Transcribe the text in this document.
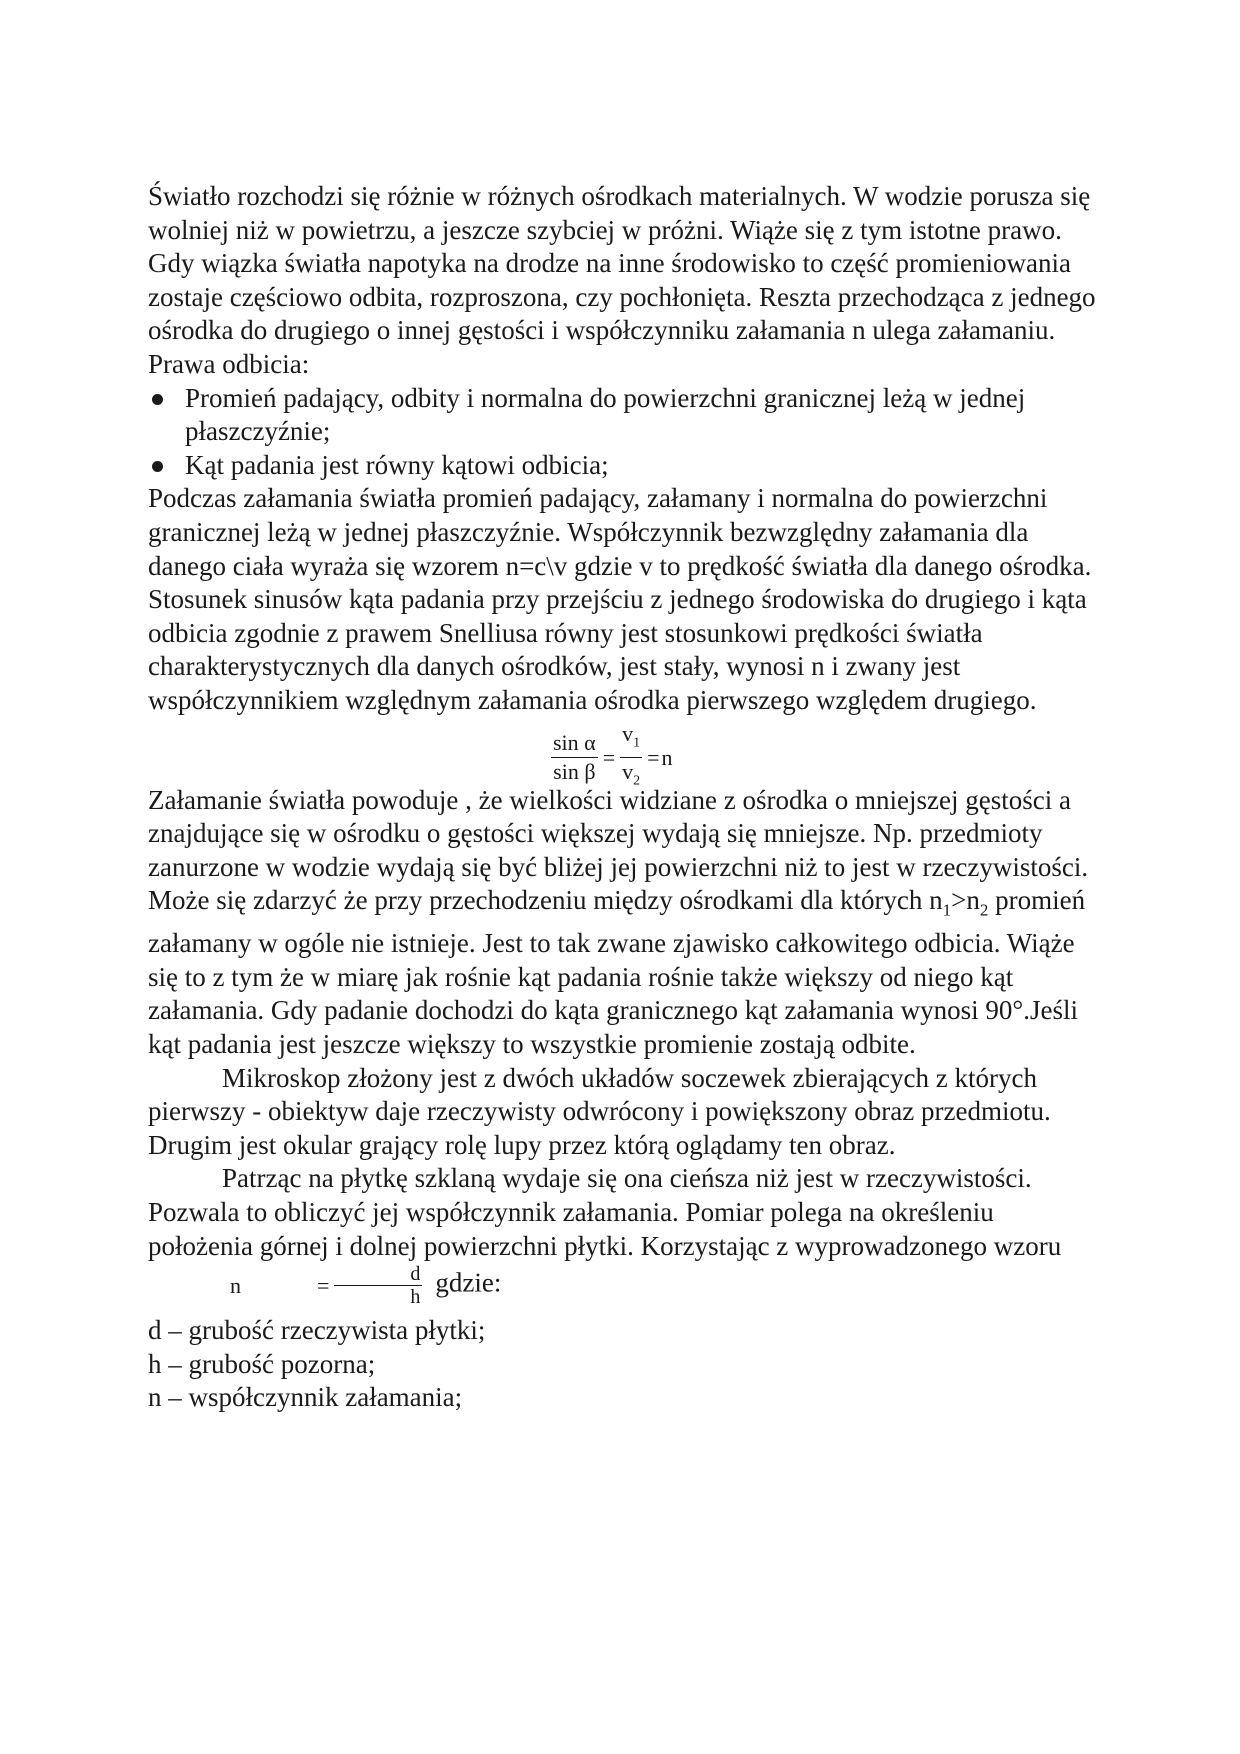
Światło rozchodzi się różnie w różnych ośrodkach materialnych. W wodzie porusza się wolniej niż w powietrzu, a jeszcze szybciej w próżni. Wiąże się z tym istotne prawo. Gdy wiązka światła napotyka na drodze na inne środowisko to część promieniowania zostaje częściowo odbita, rozproszona, czy pochłonięta. Reszta przechodząca z jednego ośrodka do drugiego o innej gęstości i współczynniku załamania n ulega załamaniu.

Prawa odbicia:

Promień padający, odbity i normalna do powierzchni granicznej leżą w jednej płaszczyźnie;
Kąt padania jest równy kątowi odbicia;

Podczas załamania światła promień padający, załamany i normalna do powierzchni granicznej leżą w jednej płaszczyźnie. Współczynnik bezwzględny załamania dla danego ciała wyraża się wzorem n=c\v gdzie v to prędkość światła dla danego ośrodka. Stosunek sinusów kąta padania przy przejściu z jednego środowiska do drugiego i kąta odbicia zgodnie z prawem Snelliusa równy jest stosunkowi prędkości światła charakterystycznych dla danych ośrodków, jest stały, wynosi n i zwany jest współczynnikiem względnym załamania ośrodka pierwszego względem drugiego.

$\frac{\text{sin α}}{\text{sin β}} = \frac{v_1}{v_2} = n$

Załamanie światła powoduje , że wielkości widziane z ośrodka o mniejszej gęstości a znajdujące się w ośrodku o gęstości większej wydają się mniejsze. Np. przedmioty zanurzone w wodzie wydają się być bliżej jej powierzchni niż to jest w rzeczywistości. Może się zdarzyć że przy przechodzeniu między ośrodkami dla których $n_1>n_2$ promień załamany w ogóle nie istnieje. Jest to tak zwane zjawisko całkowitego odbicia. Wiąże się to z tym że w miarę jak rośnie kąt padania rośnie także większy od niego kąt załamania. Gdy padanie dochodzi do kąta granicznego kąt załamania wynosi 90°.Jeśli kąt padania jest jeszcze większy to wszystkie promienie zostają odbite.

Mikroskop złożony jest z dwóch układów soczewek zbierających z których pierwszy - obiektyw daje rzeczywisty odwrócony i powiększony obraz przedmiotu. Drugim jest okular grający rolę lupy przez którą oglądamy ten obraz.

Patrząc na płytkę szklaną wydaje się ona cieńsza niż jest w rzeczywistości. Pozwala to obliczyć jej współczynnik załamania. Pomiar polega na określeniu położenia górnej i dolnej powierzchni płytki. Korzystając z wyprowadzonego wzoru
n	= $\frac{d}{h}$ gdzie:

d – grubość rzeczywista płytki;

h – grubość pozorna;

n – współczynnik załamania;
